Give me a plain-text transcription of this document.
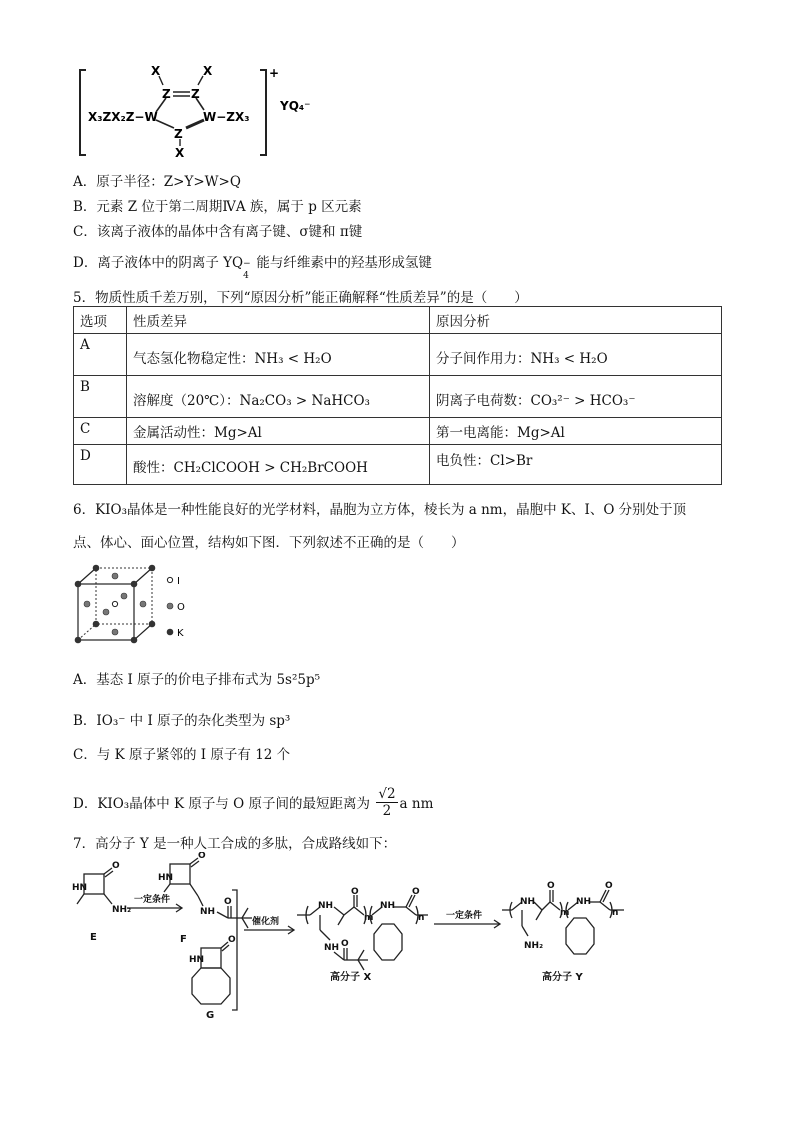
X	X
Z Z
X₃ZX₂Z−W	W−ZX₃
Z
X
+
YQ₄⁻
A．原子半径：Z>Y>W>Q
B．元素 Z 位于第二周期ⅣA 族，属于 p 区元素
C．该离子液体的晶体中含有离子键、σ键和 π键
D．离子液体中的阴离子 YQ −
4
能与纤维素中的羟基形成氢键
5．物质性质千差万别，下列“原因分析”能正确解释“性质差异”的是（　　）
选项	性质差异	原因分析
A	气态氢化物稳定性：NH₃ < H₂O	分子间作用力：NH₃ < H₂O
B	溶解度（20℃）：Na₂CO₃ > NaHCO₃	阴离子电荷数：CO₃²⁻ > HCO₃⁻
C	金属活动性：Mg>Al	第一电离能：Mg>Al
D	酸性：CH₂ClCOOH > CH₂BrCOOH	电负性：Cl>Br
6．KIO₃晶体是一种性能良好的光学材料，晶胞为立方体，棱长为 a nm，晶胞中 K、I、O 分别处于顶
点、体心、面心位置，结构如下图．下列叙述不正确的是（　　）
I
O
K
A．基态 I 原子的价电子排布式为 5s²5p⁵
B．IO₃⁻ 中 I 原子的杂化类型为 sp³
C．与 K 原子紧邻的 I 原子有 12 个
D．KIO₃晶体中 K 原子与 O 原子间的最短距离为 $\frac{√2}{2}$ a nm
7．高分子 Y 是一种人工合成的多肽，合成路线如下：
HN
O
NH₂
E
一定条件
HN
O
NH
O
F
HN
O
G
催化剂
NH
O
m
NH O
NH
O
n
高分子 X
一定条件
NH
O
m
NH₂
NH
O
n
高分子 Y
